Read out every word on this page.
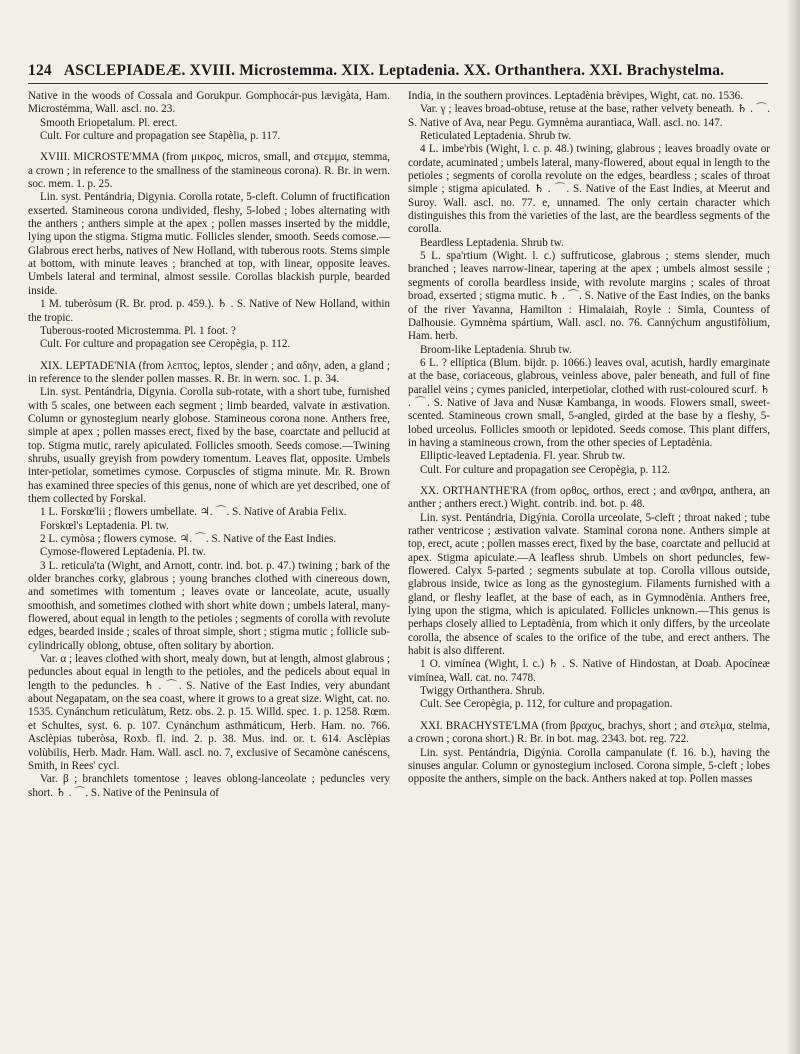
124 ASCLEPIADEÆ. XVIII. Microstemma. XIX. Leptadenia. XX. Orthanthera. XXI. Brachystelma.

Native in the woods of Cossala and Gorukpur. Gomphocár-pus lævigàta, Ham. Microstémma, Wall. ascl. no. 23.

Smooth Eriopetalum. Pl. erect.

Cult. For culture and propagation see Stapèlia, p. 117.

XVIII. MICROSTE'MMA (from μικρος, micros, small, and στεμμα, stemma, a crown ; in reference to the smallness of the stamineous corona). R. Br. in wern. soc. mem. 1. p. 25.

Lin. syst. Pentándria, Digynia. Corolla rotate, 5-cleft. Column of fructification exserted. Stamineous corona undivided, fleshy, 5-lobed ; lobes alternating with the anthers ; anthers simple at the apex ; pollen masses inserted by the middle, lying upon the stigma. Stigma mutic. Follicles slender, smooth. Seeds comose.—Glabrous erect herbs, natives of New Holland, with tuberous roots. Stems simple at bottom, with minute leaves ; branched at top, with linear, opposite leaves. Umbels lateral and terminal, almost sessile. Corollas blackish purple, bearded inside.

1 M. tuberòsum (R. Br. prod. p. 459.). ♄ . S. Native of New Holland, within the tropic.

Tuberous-rooted Microstemma. Pl. 1 foot. ?

Cult. For culture and propagation see Ceropègia, p. 112.

XIX. LEPTADE'NIA (from λεπτος, leptos, slender ; and αδην, aden, a gland ; in reference to the slender pollen masses. R. Br. in wern. soc. 1. p. 34.

Lin. syst. Pentándria, Digynia. Corolla sub-rotate, with a short tube, furnished with 5 scales, one between each segment ; limb bearded, valvate in æstivation. Column or gynostegium nearly globose. Stamineous corona none. Anthers free, simple at apex ; pollen masses erect, fixed by the base, coarctate and pellucid at top. Stigma mutic, rarely apiculated. Follicles smooth. Seeds comose.—Twining shrubs, usually greyish from powdery tomentum. Leaves flat, opposite. Umbels inter-petiolar, sometimes cymose. Corpuscles of stigma minute. Mr. R. Brown has examined three species of this genus, none of which are yet described, one of them collected by Forskal.

1 L. Forskœ'lii ; flowers umbellate. ♃. ⌒. S. Native of Arabia Felix.

Forskœl's Leptadenia. Pl. tw.

2 L. cymòsa ; flowers cymose. ♃. ⌒. S. Native of the East Indies.

Cymose-flowered Leptadenia. Pl. tw.

3 L. reticula'ta (Wight, and Arnott, contr. ind. bot. p. 47.) twining ; bark of the older branches corky, glabrous ; young branches clothed with cinereous down, and sometimes with tomentum ; leaves ovate or lanceolate, acute, usually smoothish, and sometimes clothed with short white down ; umbels lateral, many-flowered, about equal in length to the petioles ; segments of corolla with revolute edges, bearded inside ; scales of throat simple, short ; stigma mutic ; follicle sub-cylindrically oblong, obtuse, often solitary by abortion.

Var. α ; leaves clothed with short, mealy down, but at length, almost glabrous ; peduncles about equal in length to the petioles, and the pedicels about equal in length to the peduncles. ♄ . ⌒. S. Native of the East Indies, very abundant about Negapatam, on the sea coast, where it grows to a great size. Wight, cat. no. 1535. Cynánchum reticulàtum, Retz. obs. 2. p. 15. Willd. spec. 1. p. 1258. Rœm. et Schultes, syst. 6. p. 107. Cynánchum asthmáticum, Herb. Ham. no. 766. Asclèpias tuberòsa, Roxb. fl. ind. 2. p. 38. Mus. ind. or. t. 614. Asclèpias volùbilis, Herb. Madr. Ham. Wall. ascl. no. 7, exclusive of Secamòne canéscens, Smith, in Rees' cycl.

Var. β ; branchlets tomentose ; leaves oblong-lanceolate ; peduncles very short. ♄ . ⌒. S. Native of the Peninsula of

India, in the southern provinces. Leptadènia brèvipes, Wight, cat. no. 1536.

Var. γ ; leaves broad-obtuse, retuse at the base, rather velvety beneath. ♄ . ⌒. S. Native of Ava, near Pegu. Gymnèma aurantìaca, Wall. ascl. no. 147.

Reticulated Leptadenia. Shrub tw.

4 L. imbe'rbis (Wight, l. c. p. 48.) twining, glabrous ; leaves broadly ovate or cordate, acuminated ; umbels lateral, many-flowered, about equal in length to the petioles ; segments of corolla revolute on the edges, beardless ; scales of throat simple ; stigma apiculated. ♄ . ⌒. S. Native of the East Indies, at Meerut and Suroy. Wall. ascl. no. 77. e, unnamed. The only certain character which distinguishes this from the varieties of the last, are the beardless segments of the corolla.

Beardless Leptadenia. Shrub tw.

5 L. spa'rtium (Wight. l. c.) suffruticose, glabrous ; stems slender, much branched ; leaves narrow-linear, tapering at the apex ; umbels almost sessile ; segments of corolla beardless inside, with revolute margins ; scales of throat broad, exserted ; stigma mutic. ♄ . ⌒. S. Native of the East Indies, on the banks of the river Yavanna, Hamilton : Himalaiah, Royle : Simla, Countess of Dalhousie. Gymnèma spártium, Wall. ascl. no. 76. Cannýchum angustifòlium, Ham. herb.

Broom-like Leptadenia. Shrub tw.

6 L. ? ellíptica (Blum. bijdr. p. 1066.) leaves oval, acutish, hardly emarginate at the base, coriaceous, glabrous, veinless above, paler beneath, and full of fine parallel veins ; cymes panicled, interpetiolar, clothed with rust-coloured scurf. ♄ . ⌒. S. Native of Java and Nusæ Kambanga, in woods. Flowers small, sweet-scented. Stamineous crown small, 5-angled, girded at the base by a fleshy, 5-lobed urceolus. Follicles smooth or lepidoted. Seeds comose. This plant differs, in having a stamineous crown, from the other species of Leptadènia.

Elliptic-leaved Leptadenia. Fl. year. Shrub tw.

Cult. For culture and propagation see Ceropègia, p. 112.

XX. ORTHANTHE'RA (from ορθος, orthos, erect ; and ανθηρα, anthera, an anther ; anthers erect.) Wight. contrib. ind. bot. p. 48.

Lin. syst. Pentándria, Digýnia. Corolla urceolate, 5-cleft ; throat naked ; tube rather ventricose ; æstivation valvate. Staminal corona none. Anthers simple at top, erect, acute ; pollen masses erect, fixed by the base, coarctate and pellucid at apex. Stigma apiculate.—A leafless shrub. Umbels on short peduncles, few-flowered. Calyx 5-parted ; segments subulate at top. Corolla villous outside, glabrous inside, twice as long as the gynostegium. Filaments furnished with a gland, or fleshy leaflet, at the base of each, as in Gymnodènia. Anthers free, lying upon the stigma, which is apiculated. Follicles unknown.—This genus is perhaps closely allied to Leptadènia, from which it only differs, by the urceolate corolla, the absence of scales to the orifice of the tube, and erect anthers. The habit is also different.

1 O. vimínea (Wight, l. c.) ♄ . S. Native of Hindostan, at Doab. Apocíneæ vimínea, Wall. cat. no. 7478.

Twiggy Orthanthera. Shrub.

Cult. See Ceropègia, p. 112, for culture and propagation.

XXI. BRACHYSTE'LMA (from βραχυς, brachys, short ; and στελμα, stelma, a crown ; corona short.) R. Br. in bot. mag. 2343. bot. reg. 722.

Lin. syst. Pentándria, Digýnia. Corolla campanulate (f. 16. b.), having the sinuses angular. Column or gynostegium inclosed. Corona simple, 5-cleft ; lobes opposite the anthers, simple on the back. Anthers naked at top. Pollen masses
